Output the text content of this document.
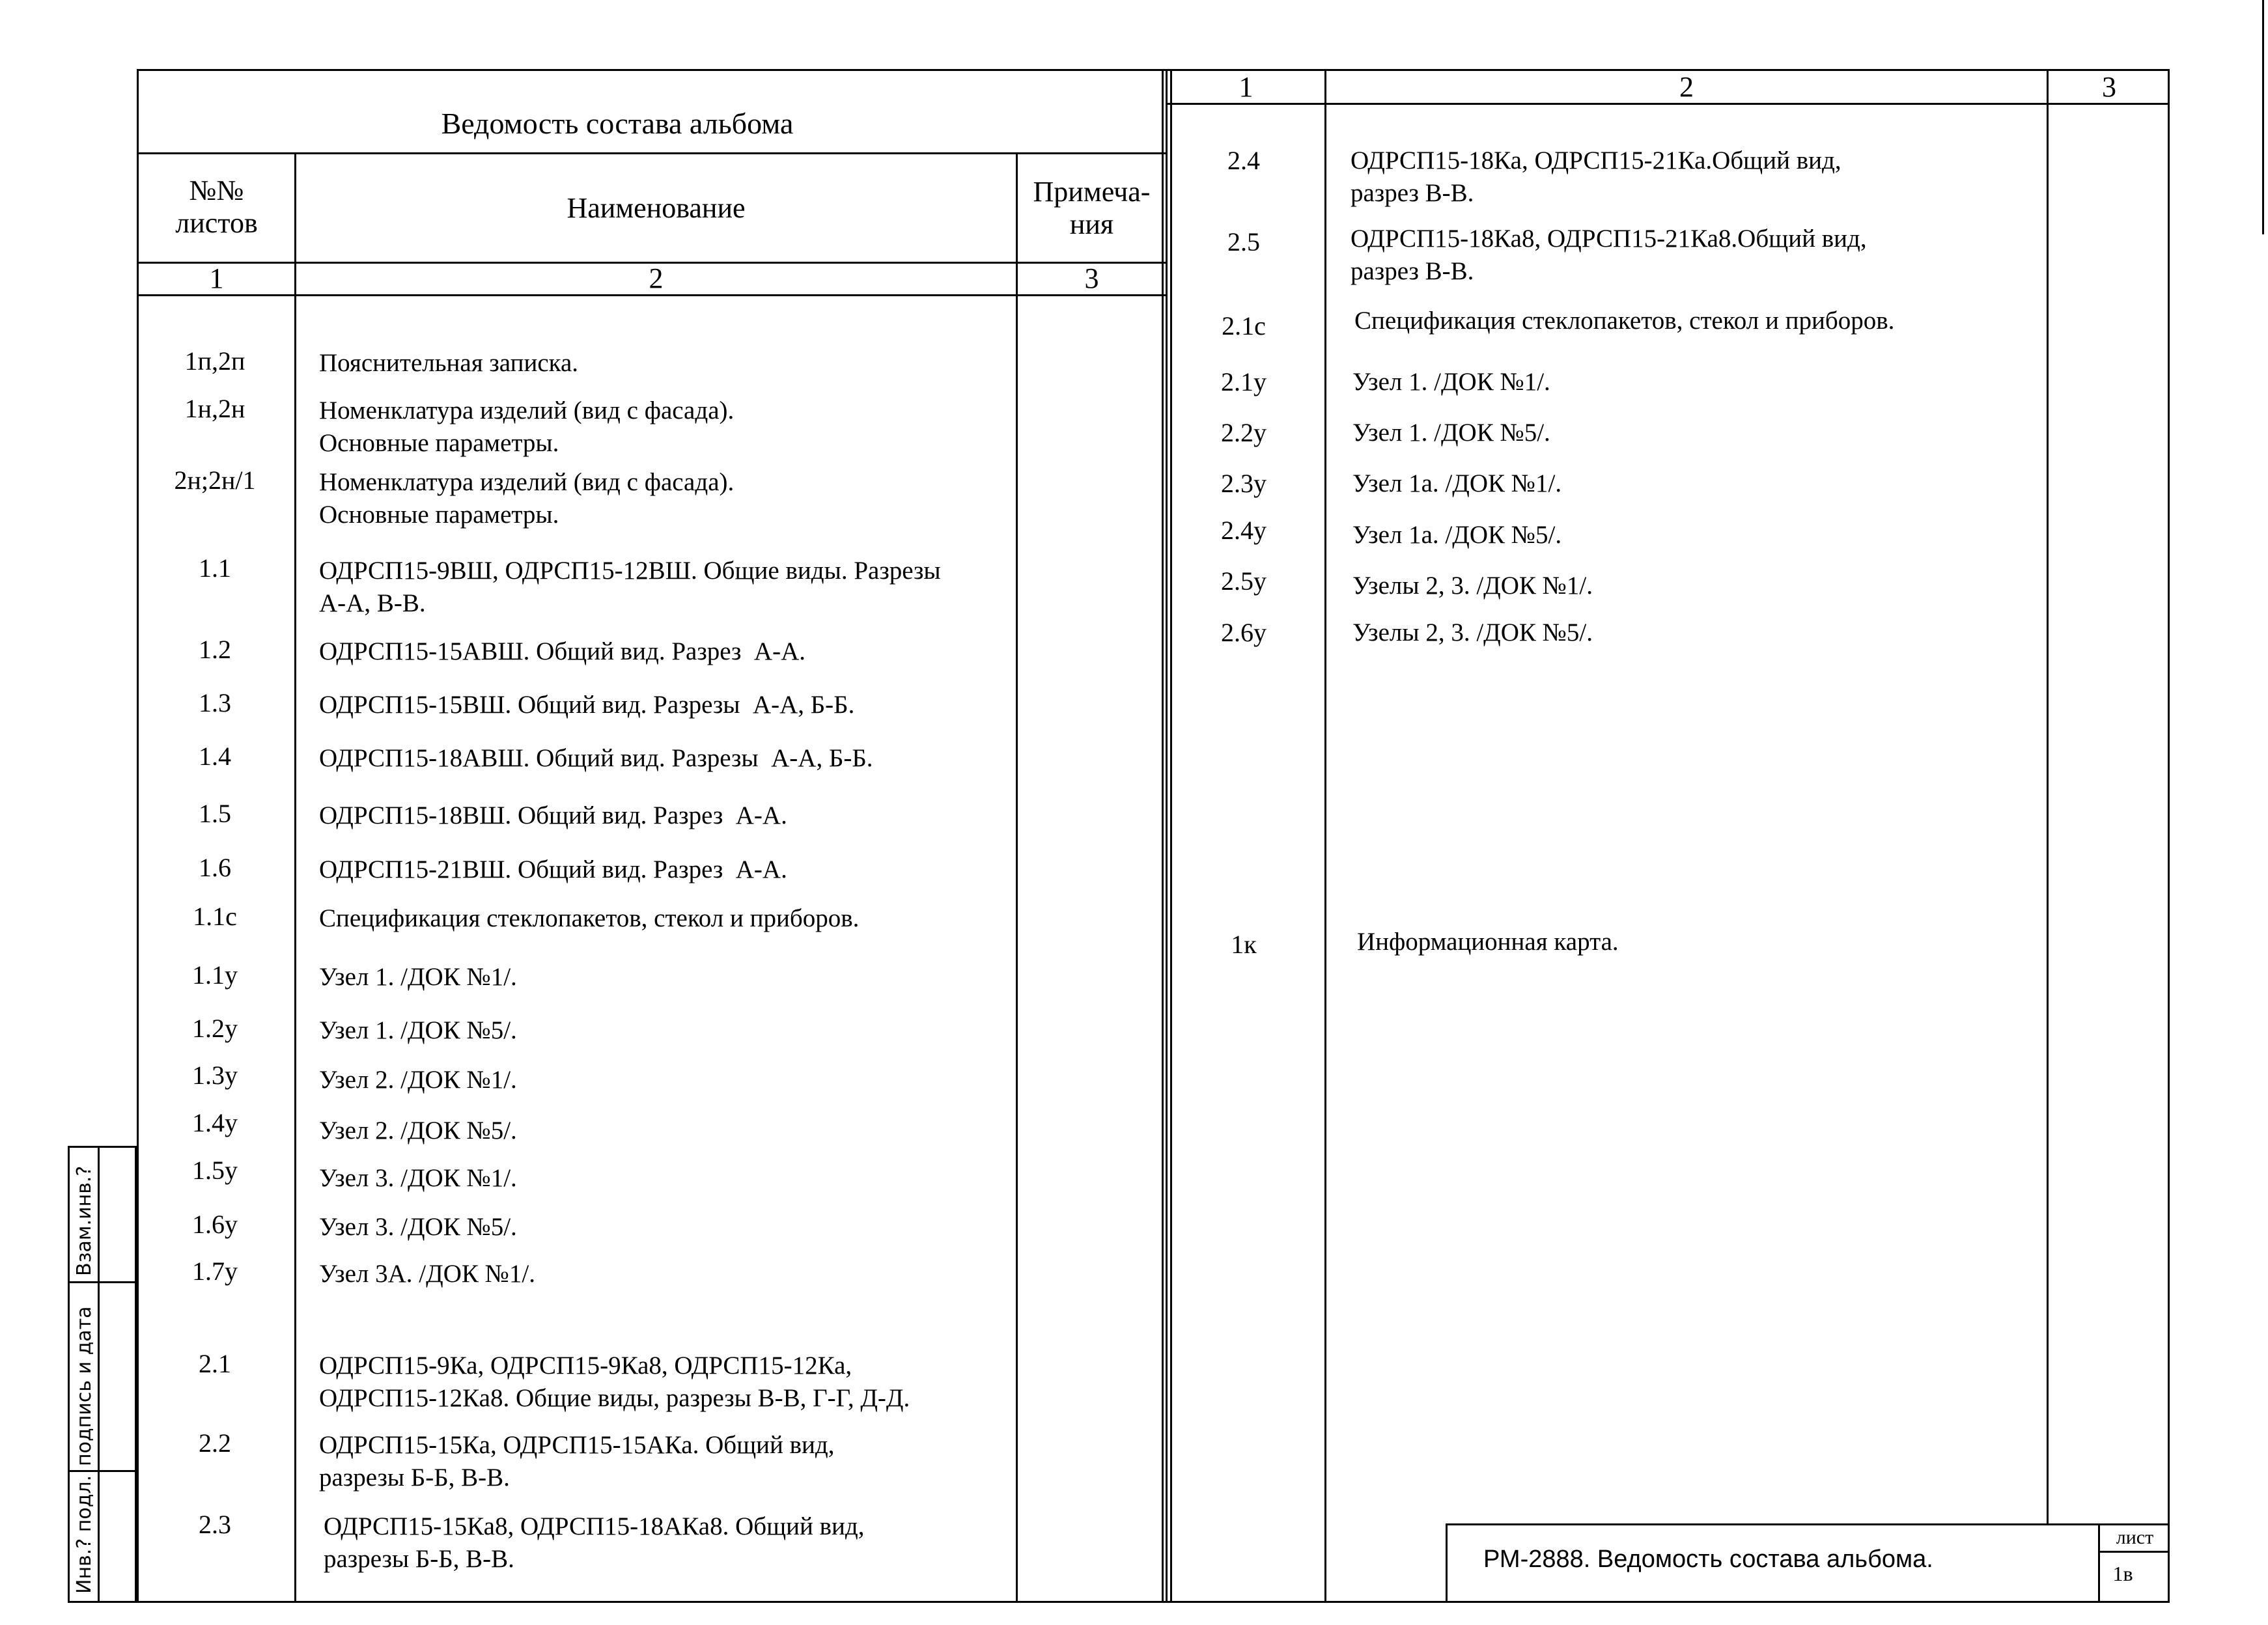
Ведомость состава альбома
№№
листов	Наименование
Примеча-
ния
1	2	3
1п,2п	Пояснительная записка.
1н,2н	Номенклатура изделий (вид с фасада).
Основные параметры.
2н;2н/1	Номенклатура изделий (вид с фасада).
Основные параметры.
1.1	ОДРСП15-9ВШ, ОДРСП15-12ВШ. Общие виды. Разрезы
А-А, В-В.
1.2	ОДРСП15-15АВШ. Общий вид. Разрез  А-А.
1.3	ОДРСП15-15ВШ. Общий вид. Разрезы  А-А, Б-Б.
1.4	ОДРСП15-18АВШ. Общий вид. Разрезы  А-А, Б-Б.
1.5	ОДРСП15-18ВШ. Общий вид. Разрез  А-А.
1.6	ОДРСП15-21ВШ. Общий вид. Разрез  А-А.
1.1с	Спецификация стеклопакетов, стекол и приборов.
1.1у	Узел 1. /ДОК №1/.
1.2у	Узел 1. /ДОК №5/.
1.3у	Узел 2. /ДОК №1/.
1.4у	Узел 2. /ДОК №5/.
1.5у	Узел 3. /ДОК №1/.
1.6у	Узел 3. /ДОК №5/.
1.7у	Узел 3А. /ДОК №1/.
2.1	ОДРСП15-9Ка, ОДРСП15-9Ка8, ОДРСП15-12Ка,
ОДРСП15-12Ка8. Общие виды, разрезы В-В, Г-Г, Д-Д.
2.2	ОДРСП15-15Ка, ОДРСП15-15АКа. Общий вид,
разрезы Б-Б, В-В.
2.3	ОДРСП15-15Ка8, ОДРСП15-18АКа8. Общий вид,
разрезы Б-Б, В-В.
1	2	3
2.4	ОДРСП15-18Ка, ОДРСП15-21Ка.Общий вид,
разрез В-В.
2.5	ОДРСП15-18Ка8, ОДРСП15-21Ка8.Общий вид,
разрез В-В.
2.1с	Спецификация стеклопакетов, стекол и приборов.
2.1у	Узел 1. /ДОК №1/.
2.2у	Узел 1. /ДОК №5/.
2.3у	Узел 1а. /ДОК №1/.
2.4у	Узел 1а. /ДОК №5/.
2.5у	Узелы 2, 3. /ДОК №1/.
2.6у	Узелы 2, 3. /ДОК №5/.
1к	Информационная карта.
РМ-2888. Ведомость состава альбома.
лист
1в
Взам.инв.?
подпись и дата
Инв.? подл.
